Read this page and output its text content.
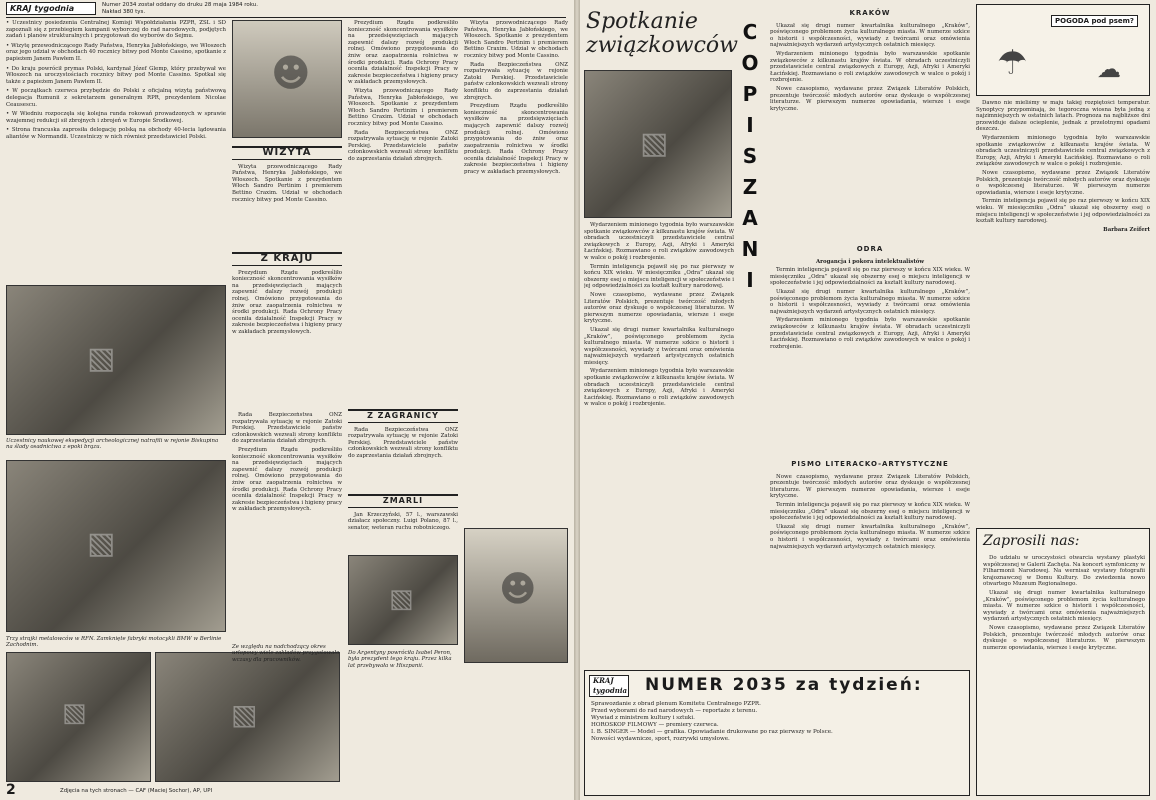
KRAJ tygodnia	Numer 2034 został oddany do druku 28 maja 1984 roku. Nakład 380 tys.
• Uczestnicy posiedzenia Centralnej Komisji Współdziałania PZPR, ZSL i SD zapoznali się z przebiegiem kampanii wyborczej do rad narodowych, podjętych zadań i planów strukturalnych i przygotowań do wyborów do Sejmu.
• Wizytę przewodniczącego Rady Państwa, Henryka Jabłońskiego, we Włoszech oraz jego udział w obchodach 40 rocznicy bitwy pod Monte Cassino, spotkanie z papieżem Janem Pawłem II.
• Do kraju powrócił prymas Polski, kardynał Józef Glemp, który przebywał we Włoszech na uroczystościach rocznicy bitwy pod Monte Cassino. Spotkał się także z papieżem Janem Pawłem II.
• W początkach czerwca przybędzie do Polski z oficjalną wizytą państwową delegacja Rumunii z sekretarzem generalnym RPR, prezydentem Nicolae Ceausescu.
• W Wiedniu rozpoczęła się kolejna runda rokowań prowadzonych w sprawie wzajemnej redukcji sił zbrojnych i zbrojeń w Europie Środkowej.
• Strona francuska zaprosiła delegację polską na obchody 40-lecia lądowania aliantów w Normandii. Uczestniczy w nich również przedstawiciel Polski.
▧
Uczestnicy naukowej ekspedycji archeologicznej natrafili w rejonie Biskupina na ślady osadnictwa z epoki brązu.
▧
Trzy strajki metalowców w RFN. Zamknięte fabryki motocykli BMW w Berlinie Zachodnim.
▧
☻
WIZYTA

Wizyta przewodniczącego Rady Państwa, Henryka Jabłońskiego, we Włoszech. Spotkanie z prezydentem Włoch Sandro Pertinim i premierem Bettino Craxim. Udział w obchodach rocznicy bitwy pod Monte Cassino.

Z KRAJU

Prezydium Rządu podkreśliło konieczność skoncentrowania wysiłków na przedsięwzięciach mających zapewnić dalszy rozwój produkcji rolnej. Omówiono przygotowania do żniw oraz zaopatrzenia rolnictwa w środki produkcji. Rada Ochrony Pracy oceniła działalność Inspekcji Pracy w zakresie bezpieczeństwa i higieny pracy w zakładach przemysłowych.

Z ZAGRANICY

Rada Bezpieczeństwa ONZ rozpatrywała sytuację w rejonie Zatoki Perskiej. Przedstawiciele państw członkowskich wezwali strony konfliktu do zaprzestania działań zbrojnych.

Prezydium Rządu podkreśliło konieczność skoncentrowania wysiłków na przedsięwzięciach mających zapewnić dalszy rozwój produkcji rolnej. Omówiono przygotowania do żniw oraz zaopatrzenia rolnictwa w środki produkcji. Rada Ochrony Pracy oceniła działalność Inspekcji Pracy w zakresie bezpieczeństwa i higieny pracy w zakładach przemysłowych.

Wizyta przewodniczącego Rady Państwa, Henryka Jabłońskiego, we Włoszech. Spotkanie z prezydentem Włoch Sandro Pertinim i premierem Bettino Craxim. Udział w obchodach rocznicy bitwy pod Monte Cassino.

Rada Bezpieczeństwa ONZ rozpatrywała sytuację w rejonie Zatoki Perskiej. Przedstawiciele państw członkowskich wezwali strony konfliktu do zaprzestania działań zbrojnych.

Rada Bezpieczeństwa ONZ rozpatrywała sytuację w rejonie Zatoki Perskiej. Przedstawiciele państw członkowskich wezwali strony konfliktu do zaprzestania działań zbrojnych.

Prezydium Rządu podkreśliło konieczność skoncentrowania wysiłków na przedsięwzięciach mających zapewnić dalszy rozwój produkcji rolnej. Omówiono przygotowania do żniw oraz zaopatrzenia rolnictwa w środki produkcji. Rada Ochrony Pracy oceniła działalność Inspekcji Pracy w zakresie bezpieczeństwa i higieny pracy w zakładach przemysłowych.

Wizyta przewodniczącego Rady Państwa, Henryka Jabłońskiego, we Włoszech. Spotkanie z prezydentem Włoch Sandro Pertinim i premierem Bettino Craxim. Udział w obchodach rocznicy bitwy pod Monte Cassino.

Rada Bezpieczeństwa ONZ rozpatrywała sytuację w rejonie Zatoki Perskiej. Przedstawiciele państw członkowskich wezwali strony konfliktu do zaprzestania działań zbrojnych.

Prezydium Rządu podkreśliło konieczność skoncentrowania wysiłków na przedsięwzięciach mających zapewnić dalszy rozwój produkcji rolnej. Omówiono przygotowania do żniw oraz zaopatrzenia rolnictwa w środki produkcji. Rada Ochrony Pracy oceniła działalność Inspekcji Pracy w zakresie bezpieczeństwa i higieny pracy w zakładach przemysłowych.

ZMARLI

Jan Krzeczyński, 57 l., warszawski działacz społeczny. Luigi Polano, 87 l., senator, weteran ruchu robotniczego.

▧ ☻
▧
Ze względu na nadchodzący okres urlopowy wiele zakładów przygotowało wczasy dla pracowników.
Do Argentyny powróciła Isabel Peron, była prezydent tego kraju. Przez kilka lat przebywała w Hiszpanii.
2	Zdjęcia na tych stronach — CAF (Maciej Sochor), AP, UPI
Spotkanie związkowców
▧

Wydarzeniem minionego tygodnia było warszawskie spotkanie związkowców z kilkunastu krajów świata. W obradach uczestniczyli przedstawiciele central związkowych z Europy, Azji, Afryki i Ameryki Łacińskiej. Rozmawiano o roli związków zawodowych w walce o pokój i rozbrojenie.

Termin inteligencja pojawił się po raz pierwszy w końcu XIX wieku. W miesięczniku „Odra” ukazał się obszerny esej o miejscu inteligencji w społeczeństwie i jej odpowiedzialności za kształt kultury narodowej.

Nowe czasopismo, wydawane przez Związek Literatów Polskich, prezentuje twórczość młodych autorów oraz dyskusje o współczesnej literaturze. W pierwszym numerze opowiadania, wiersze i eseje krytyczne.

Ukazał się drugi numer kwartalnika kulturalnego „Kraków”, poświęconego problemom życia kulturalnego miasta. W numerze szkice o historii i współczesności, wywiady z twórcami oraz omówienia najważniejszych wydarzeń artystycznych ostatnich miesięcy.

Wydarzeniem minionego tygodnia było warszawskie spotkanie związkowców z kilkunastu krajów świata. W obradach uczestniczyli przedstawiciele central związkowych z Europy, Azji, Afryki i Ameryki Łacińskiej. Rozmawiano o roli związków zawodowych w walce o pokój i rozbrojenie.

COPISZANI
KRAKÓW

Ukazał się drugi numer kwartalnika kulturalnego „Kraków”, poświęconego problemom życia kulturalnego miasta. W numerze szkice o historii i współczesności, wywiady z twórcami oraz omówienia najważniejszych wydarzeń artystycznych ostatnich miesięcy.

Wydarzeniem minionego tygodnia było warszawskie spotkanie związkowców z kilkunastu krajów świata. W obradach uczestniczyli przedstawiciele central związkowych z Europy, Azji, Afryki i Ameryki Łacińskiej. Rozmawiano o roli związków zawodowych w walce o pokój i rozbrojenie.

Nowe czasopismo, wydawane przez Związek Literatów Polskich, prezentuje twórczość młodych autorów oraz dyskusje o współczesnej literaturze. W pierwszym numerze opowiadania, wiersze i eseje krytyczne.

ODRA
Arogancja i pokora intelektualistów

Termin inteligencja pojawił się po raz pierwszy w końcu XIX wieku. W miesięczniku „Odra” ukazał się obszerny esej o miejscu inteligencji w społeczeństwie i jej odpowiedzialności za kształt kultury narodowej.

Ukazał się drugi numer kwartalnika kulturalnego „Kraków”, poświęconego problemom życia kulturalnego miasta. W numerze szkice o historii i współczesności, wywiady z twórcami oraz omówienia najważniejszych wydarzeń artystycznych ostatnich miesięcy.

Wydarzeniem minionego tygodnia było warszawskie spotkanie związkowców z kilkunastu krajów świata. W obradach uczestniczyli przedstawiciele central związkowych z Europy, Azji, Afryki i Ameryki Łacińskiej. Rozmawiano o roli związków zawodowych w walce o pokój i rozbrojenie.

PISMO LITERACKO-ARTYSTYCZNE

Nowe czasopismo, wydawane przez Związek Literatów Polskich, prezentuje twórczość młodych autorów oraz dyskusje o współczesnej literaturze. W pierwszym numerze opowiadania, wiersze i eseje krytyczne.

Termin inteligencja pojawił się po raz pierwszy w końcu XIX wieku. W miesięczniku „Odra” ukazał się obszerny esej o miejscu inteligencji w społeczeństwie i jej odpowiedzialności za kształt kultury narodowej.

Ukazał się drugi numer kwartalnika kulturalnego „Kraków”, poświęconego problemom życia kulturalnego miasta. W numerze szkice o historii i współczesności, wywiady z twórcami oraz omówienia najważniejszych wydarzeń artystycznych ostatnich miesięcy.

POGODA pod psem?
☂	☁

Dawno nie mieliśmy w maju takiej rozpiętości temperatur. Synoptycy przypominają, że tegoroczna wiosna była jedną z najzimniejszych w ostatnich latach. Prognoza na najbliższe dni przewiduje dalsze ocieplenie, jednak z przelotnymi opadami deszczu.

Wydarzeniem minionego tygodnia było warszawskie spotkanie związkowców z kilkunastu krajów świata. W obradach uczestniczyli przedstawiciele central związkowych z Europy, Azji, Afryki i Ameryki Łacińskiej. Rozmawiano o roli związków zawodowych w walce o pokój i rozbrojenie.

Nowe czasopismo, wydawane przez Związek Literatów Polskich, prezentuje twórczość młodych autorów oraz dyskusje o współczesnej literaturze. W pierwszym numerze opowiadania, wiersze i eseje krytyczne.

Termin inteligencja pojawił się po raz pierwszy w końcu XIX wieku. W miesięczniku „Odra” ukazał się obszerny esej o miejscu inteligencji w społeczeństwie i jej odpowiedzialności za kształt kultury narodowej.

Barbara Zeifert
Zaprosili nas:

Do udziału w uroczystości otwarcia wystawy plastyki współczesnej w Galerii Zachęta. Na koncert symfoniczny w Filharmonii Narodowej. Na wernisaż wystawy fotografii krajoznawczej w Domu Kultury. Do zwiedzenia nowo otwartego Muzeum Regionalnego.

Ukazał się drugi numer kwartalnika kulturalnego „Kraków”, poświęconego problemom życia kulturalnego miasta. W numerze szkice o historii i współczesności, wywiady z twórcami oraz omówienia najważniejszych wydarzeń artystycznych ostatnich miesięcy.

Nowe czasopismo, wydawane przez Związek Literatów Polskich, prezentuje twórczość młodych autorów oraz dyskusje o współczesnej literaturze. W pierwszym numerze opowiadania, wiersze i eseje krytyczne.

KRAJ tygodnia NUMER 2035 za tydzień:
Sprawozdanie z obrad plenum Komitetu Centralnego PZPR.
Przed wyborami do rad narodowych — reportaże z terenu.
Wywiad z ministrem kultury i sztuki.
HOROSKOP FILMOWY — premiery czerwca.
I. B. SINGER — Model — grafika. Opowiadanie drukowane po raz pierwszy w Polsce.
Nowości wydawnicze, sport, rozrywki umysłowe.
